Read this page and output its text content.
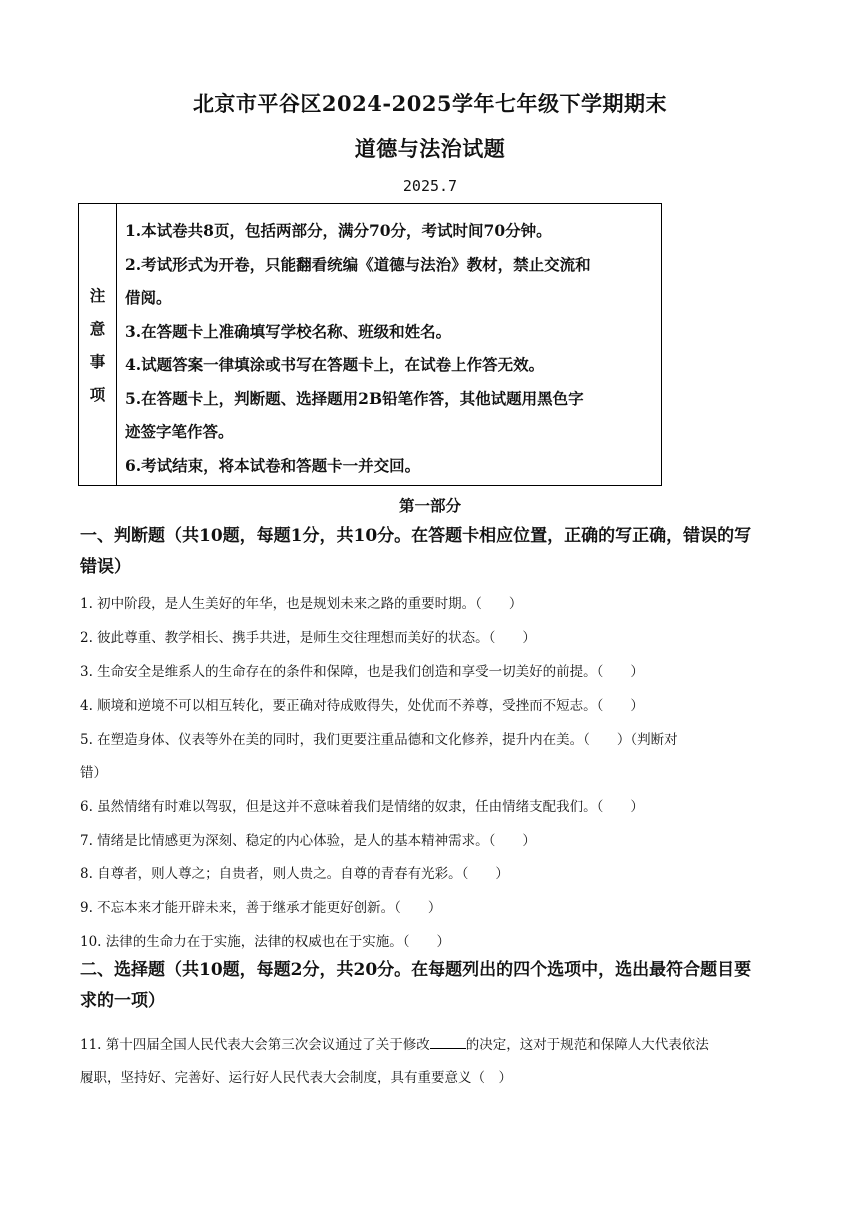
北京市平谷区2024-2025学年七年级下学期期末
道德与法治试题
2025.7
注
意
事
项
1.本试卷共8页，包括两部分，满分70分，考试时间70分钟。
2.考试形式为开卷，只能翻看统编《道德与法治》教材，禁止交流和
借阅。
3.在答题卡上准确填写学校名称、班级和姓名。
4.试题答案一律填涂或书写在答题卡上，在试卷上作答无效。
5.在答题卡上，判断题、选择题用2B铅笔作答，其他试题用黑色字
迹签字笔作答。
6.考试结束，将本试卷和答题卡一并交回。
第一部分
一、判断题（共10题，每题1分，共10分。在答题卡相应位置，正确的写正确，错误的写
错误）
1. 初中阶段，是人生美好的年华，也是规划未来之路的重要时期。（　　）
2. 彼此尊重、教学相长、携手共进，是师生交往理想而美好的状态。（　　）
3. 生命安全是维系人的生命存在的条件和保障，也是我们创造和享受一切美好的前提。（　　）
4. 顺境和逆境不可以相互转化，要正确对待成败得失，处优而不养尊，受挫而不短志。（　　）
5. 在塑造身体、仪表等外在美的同时，我们更要注重品德和文化修养，提升内在美。（　　）（判断对
错）
6. 虽然情绪有时难以驾驭，但是这并不意味着我们是情绪的奴隶，任由情绪支配我们。（　　）
7. 情绪是比情感更为深刻、稳定的内心体验，是人的基本精神需求。（　　）
8. 自尊者，则人尊之；自贵者，则人贵之。自尊的青春有光彩。（　　）
9. 不忘本来才能开辟未来，善于继承才能更好创新。（　　）
10. 法律的生命力在于实施，法律的权威也在于实施。（　　）
二、选择题（共10题，每题2分，共20分。在每题列出的四个选项中，选出最符合题目要
求的一项）
11. 第十四届全国人民代表大会第三次会议通过了关于修改	的决定，这对于规范和保障人大代表依法
履职，坚持好、完善好、运行好人民代表大会制度，具有重要意义（　）
